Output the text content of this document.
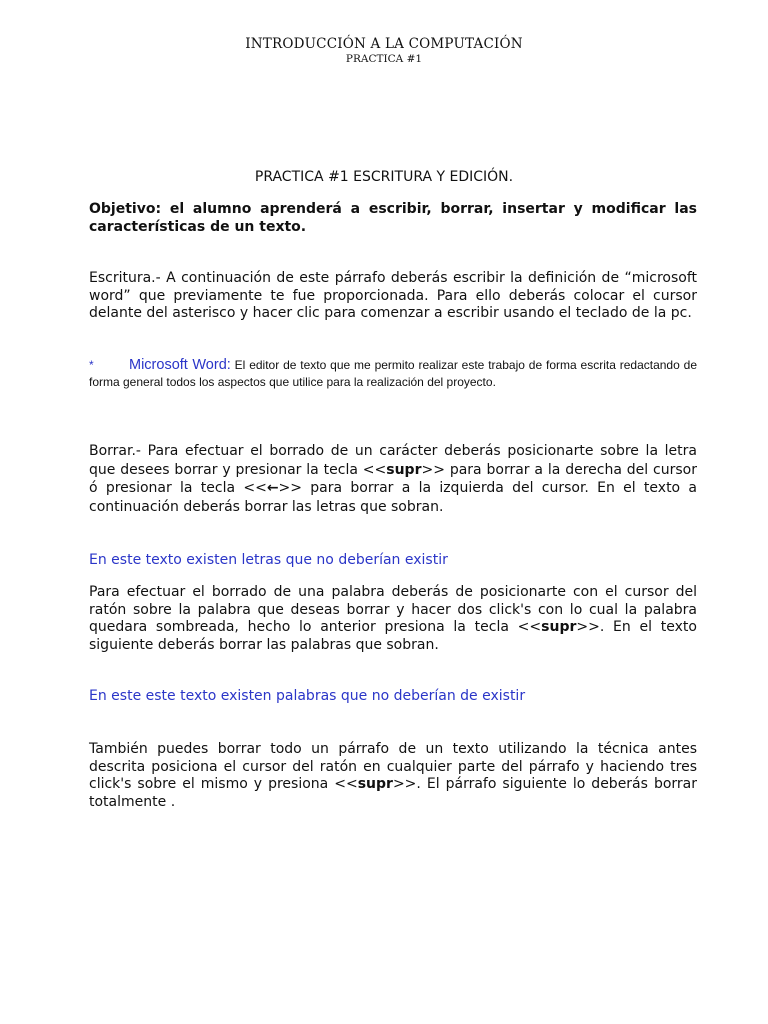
INTRODUCCIÓN A LA COMPUTACIÓN
PRACTICA #1
PRACTICA #1 ESCRITURA Y EDICIÓN.

Objetivo: el alumno aprenderá a escribir, borrar, insertar y modificar las características de un texto.

Escritura.- A continuación de este párrafo deberás escribir la definición de “microsoft word” que previamente te fue proporcionada. Para ello deberás colocar el cursor delante del asterisco y hacer clic para comenzar a escribir usando el teclado de la pc.

* Microsoft Word: El editor de texto que me permito realizar este trabajo de forma escrita redactando de forma general todos los aspectos que utilice para la realización del proyecto.

Borrar.- Para efectuar el borrado de un carácter deberás posicionarte sobre la letra que desees borrar y presionar la tecla <<supr>> para borrar a la derecha del cursor ó presionar la tecla <<←>> para borrar a la izquierda del cursor. En el texto a continuación deberás borrar las letras que sobran.

En este texto existen letras que no deberían existir

Para efectuar el borrado de una palabra deberás de posicionarte con el cursor del ratón sobre la palabra que deseas borrar y hacer dos click's con lo cual la palabra quedara sombreada, hecho lo anterior presiona la tecla <<supr>>. En el texto siguiente deberás borrar las palabras que sobran.

En este este texto existen palabras que no deberían de existir

También puedes borrar todo un párrafo de un texto utilizando la técnica antes descrita posiciona el cursor del ratón en cualquier parte del párrafo y haciendo tres click's sobre el mismo y presiona <<supr>>. El párrafo siguiente lo deberás borrar totalmente .
